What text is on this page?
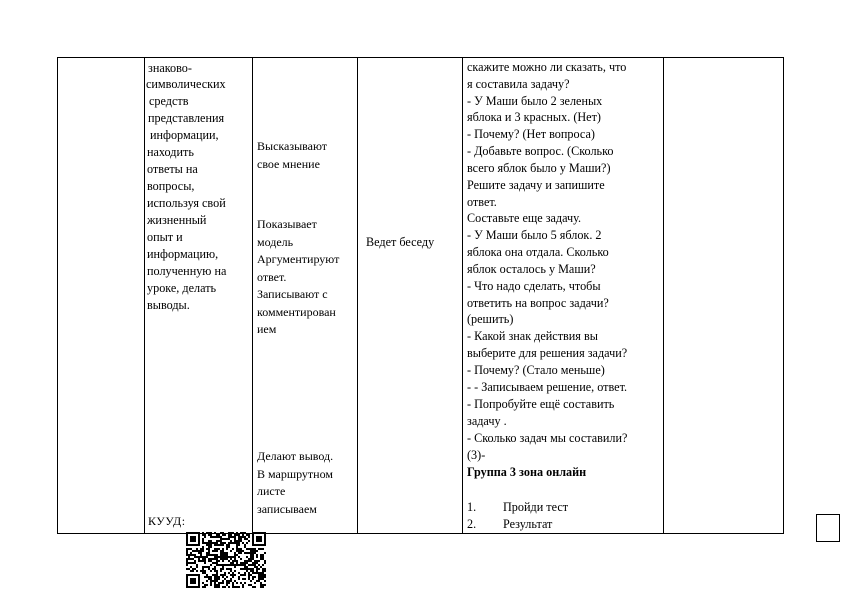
знаково-
символических
средств
представления
информации,
находить
ответы на
вопросы,
используя свой
жизненный
опыт и
информацию,
полученную на
уроке, делать
выводы.
КУУД:
Высказывают
свое мнение
Показывает
модель
Аргументируют
ответ.
Записывают с
комментирован
ием
Делают вывод.
В маршрутном
листе
записываем
Ведет беседу
скажите можно ли сказать, что
я составила задачу?
- У Маши было 2 зеленых
яблока и 3 красных. (Нет)
- Почему? (Нет вопроса)
- Добавьте вопрос. (Сколько
всего яблок было у Маши?)
Решите задачу и запишите
ответ.
Составьте еще задачу.
- У Маши было 5 яблок. 2
яблока она отдала. Сколько
яблок осталось у Маши?
- Что надо сделать, чтобы
ответить на вопрос задачи?
(решить)
- Какой знак действия вы
выберите для решения задачи?
- Почему? (Стало меньше)
- - Записываем решение, ответ.
- Попробуйте ещё составить
задачу .
- Сколько задач мы составили?
(3)-
Группа 3 зона онлайн
1. Пройди тест
2. Результат
